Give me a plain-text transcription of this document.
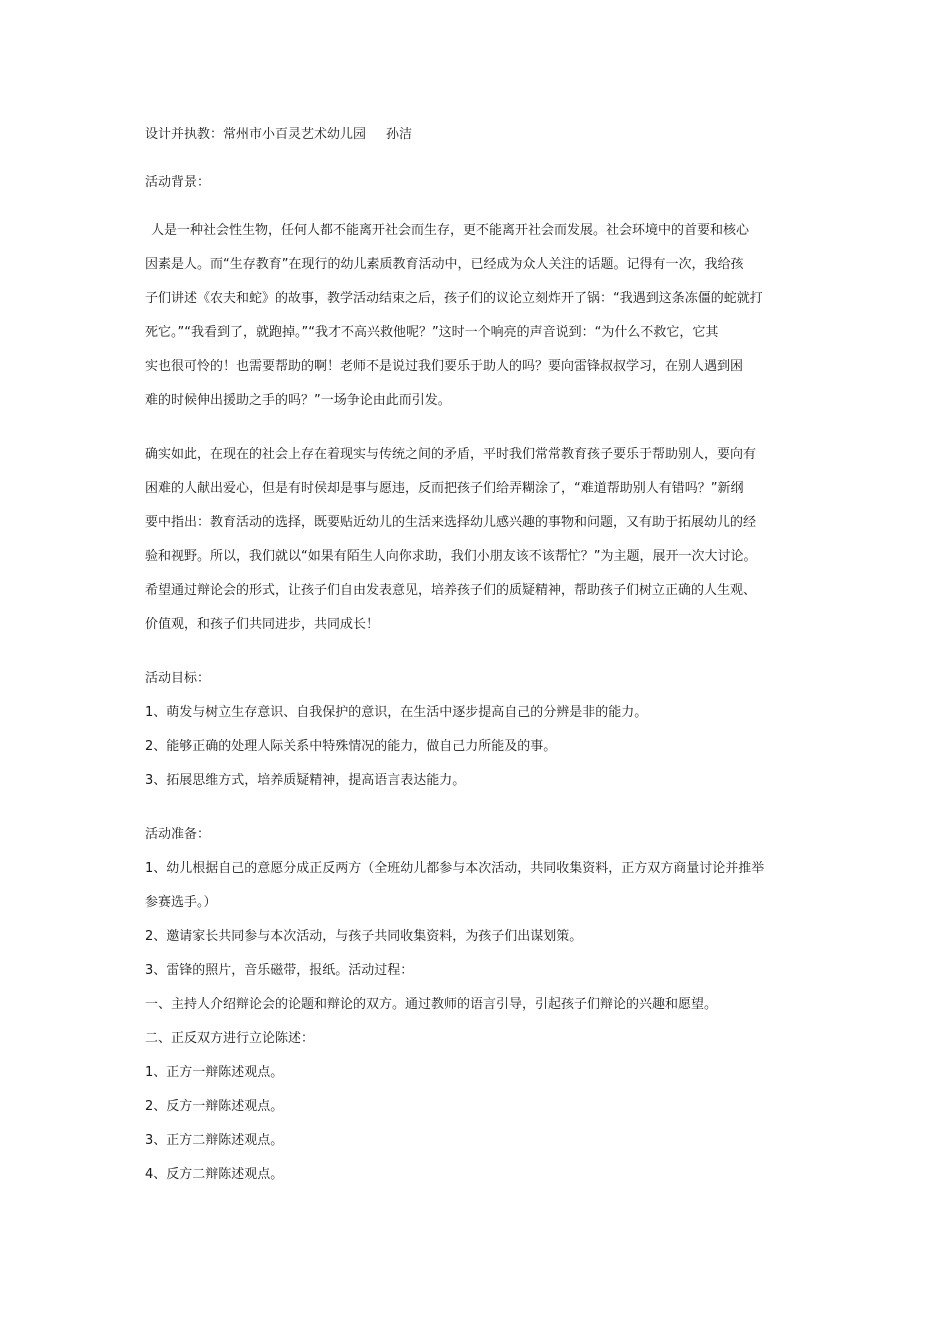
设计并执教：常州市小百灵艺术幼儿园 孙洁

活动背景：

人是一种社会性生物，任何人都不能离开社会而生存，更不能离开社会而发展。社会环境中的首要和核心

因素是人。而“生存教育”在现行的幼儿素质教育活动中，已经成为众人关注的话题。记得有一次，我给孩

子们讲述《农夫和蛇》的故事，教学活动结束之后，孩子们的议论立刻炸开了锅：“我遇到这条冻僵的蛇就打

死它。”“我看到了，就跑掉。”“我才不高兴救他呢？”这时一个响亮的声音说到：“为什么不救它，它其

实也很可怜的！也需要帮助的啊！老师不是说过我们要乐于助人的吗？要向雷锋叔叔学习，在别人遇到困

难的时候伸出援助之手的吗？”一场争论由此而引发。

确实如此，在现在的社会上存在着现实与传统之间的矛盾，平时我们常常教育孩子要乐于帮助别人，要向有

困难的人献出爱心，但是有时侯却是事与愿违，反而把孩子们给弄糊涂了，“难道帮助别人有错吗？”新纲

要中指出：教育活动的选择，既要贴近幼儿的生活来选择幼儿感兴趣的事物和问题，又有助于拓展幼儿的经

验和视野。所以，我们就以“如果有陌生人向你求助，我们小朋友该不该帮忙？”为主题，展开一次大讨论。

希望通过辩论会的形式，让孩子们自由发表意见，培养孩子们的质疑精神，帮助孩子们树立正确的人生观、

价值观，和孩子们共同进步，共同成长！

活动目标：

1、萌发与树立生存意识、自我保护的意识，在生活中逐步提高自己的分辨是非的能力。

2、能够正确的处理人际关系中特殊情况的能力，做自己力所能及的事。

3、拓展思维方式，培养质疑精神，提高语言表达能力。

活动准备：

1、幼儿根据自己的意愿分成正反两方（全班幼儿都参与本次活动，共同收集资料，正方双方商量讨论并推举

参赛选手。）

2、邀请家长共同参与本次活动，与孩子共同收集资料，为孩子们出谋划策。

3、雷锋的照片，音乐磁带，报纸。活动过程：

一、主持人介绍辩论会的论题和辩论的双方。通过教师的语言引导，引起孩子们辩论的兴趣和愿望。

二、正反双方进行立论陈述：

1、正方一辩陈述观点。

2、反方一辩陈述观点。

3、正方二辩陈述观点。

4、反方二辩陈述观点。
